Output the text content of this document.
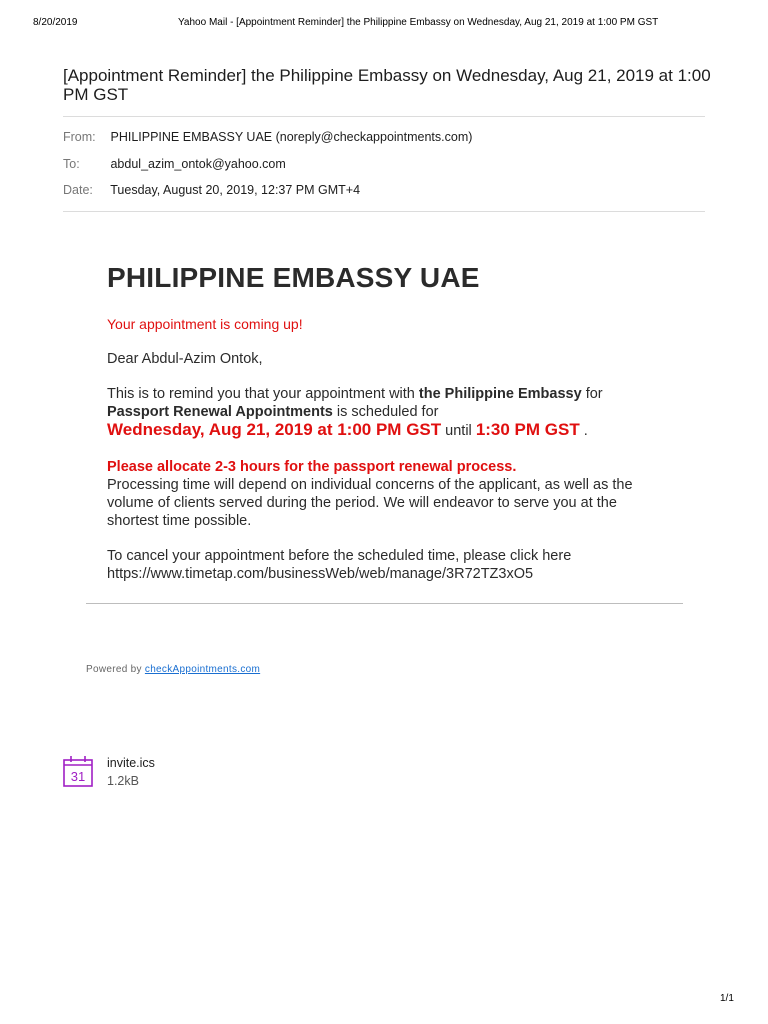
8/20/2019	Yahoo Mail - [Appointment Reminder] the Philippine Embassy on Wednesday, Aug 21, 2019 at 1:00 PM GST
[Appointment Reminder] the Philippine Embassy on Wednesday, Aug 21, 2019 at 1:00 PM GST
From: PHILIPPINE EMBASSY UAE (noreply@checkappointments.com)
To: abdul_azim_ontok@yahoo.com
Date: Tuesday, August 20, 2019, 12:37 PM GMT+4
PHILIPPINE EMBASSY UAE
Your appointment is coming up!
Dear Abdul-Azim Ontok,
This is to remind you that your appointment with the Philippine Embassy for Passport Renewal Appointments is scheduled for
Wednesday, Aug 21, 2019 at 1:00 PM GST until 1:30 PM GST .
Please allocate 2-3 hours for the passport renewal process.
Processing time will depend on individual concerns of the applicant, as well as the volume of clients served during the period. We will endeavor to serve you at the shortest time possible.
To cancel your appointment before the scheduled time, please click here
https://www.timetap.com/businessWeb/web/manage/3R72TZ3xO5
Powered by checkAppointments.com
31
invite.ics
1.2kB
1/1
